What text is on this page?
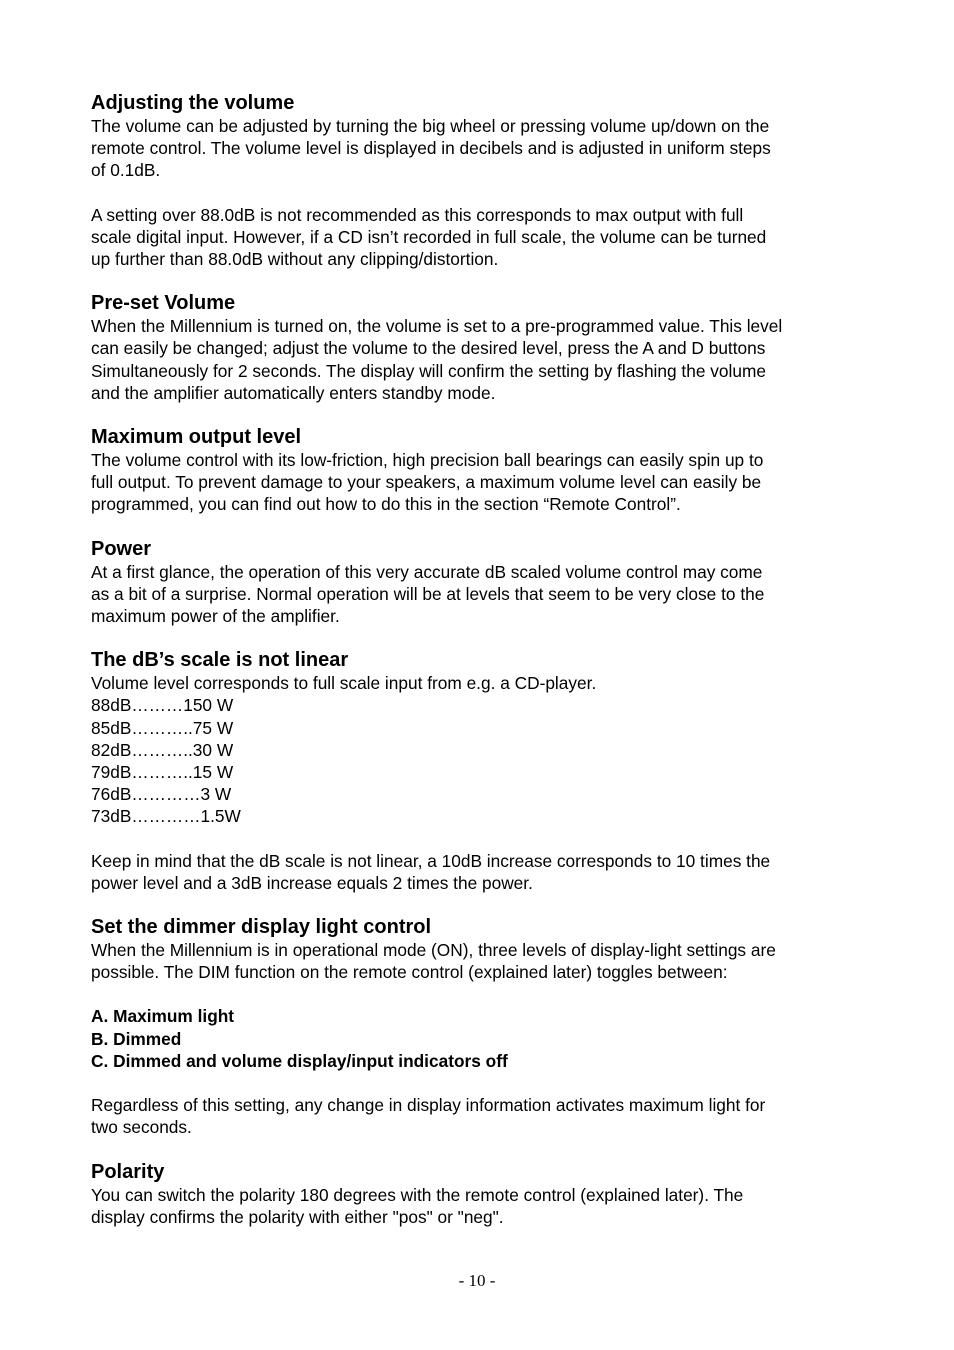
Adjusting the volume

The volume can be adjusted by turning the big wheel or pressing volume up/down on the

remote control. The volume level is displayed in decibels and is adjusted in uniform steps

of 0.1dB.

A setting over 88.0dB is not recommended as this corresponds to max output with full

scale digital input. However, if a CD isn’t recorded in full scale, the volume can be turned

up further than 88.0dB without any clipping/distortion.

Pre-set Volume

When the Millennium is turned on, the volume is set to a pre-programmed value. This level

can easily be changed; adjust the volume to the desired level, press the A and D buttons

Simultaneously for 2 seconds. The display will confirm the setting by flashing the volume

and the amplifier automatically enters standby mode.

Maximum output level

The volume control with its low-friction, high precision ball bearings can easily spin up to

full output. To prevent damage to your speakers, a maximum volume level can easily be

programmed, you can find out how to do this in the section “Remote Control”.

Power

At a first glance, the operation of this very accurate dB scaled volume control may come

as a bit of a surprise. Normal operation will be at levels that seem to be very close to the

maximum power of the amplifier.

The dB’s scale is not linear

Volume level corresponds to full scale input from e.g. a CD-player.

88dB………150 W

85dB………..75 W

82dB………..30 W

79dB………..15 W

76dB…………3 W

73dB…………1.5W

Keep in mind that the dB scale is not linear, a 10dB increase corresponds to 10 times the

power level and a 3dB increase equals 2 times the power.

Set the dimmer display light control

When the Millennium is in operational mode (ON), three levels of display-light settings are

possible. The DIM function on the remote control (explained later) toggles between:

A. Maximum light
B. Dimmed
C. Dimmed and volume display/input indicators off

Regardless of this setting, any change in display information activates maximum light for

two seconds.

Polarity

You can switch the polarity 180 degrees with the remote control (explained later). The

display confirms the polarity with either "pos" or "neg".

- 10 -
